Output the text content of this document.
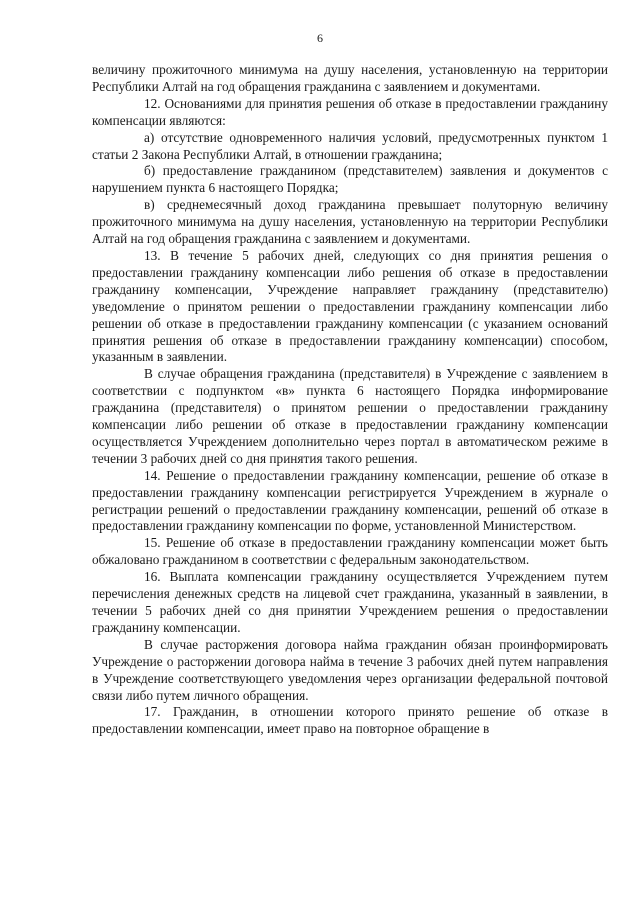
6

величину прожиточного минимума на душу населения, установленную на территории Республики Алтай на год обращения гражданина с заявлением и документами.

12. Основаниями для принятия решения об отказе в предоставлении гражданину компенсации являются:

а) отсутствие одновременного наличия условий, предусмотренных пунктом 1 статьи 2 Закона Республики Алтай, в отношении гражданина;

б) предоставление гражданином (представителем) заявления и документов с нарушением пункта 6 настоящего Порядка;

в) среднемесячный доход гражданина превышает полуторную величину прожиточного минимума на душу населения, установленную на территории Республики Алтай на год обращения гражданина с заявлением и документами.

13. В течение 5 рабочих дней, следующих со дня принятия решения о предоставлении гражданину компенсации либо решения об отказе в предоставлении гражданину компенсации, Учреждение направляет гражданину (представителю) уведомление о принятом решении о предоставлении гражданину компенсации либо решении об отказе в предоставлении гражданину компенсации (с указанием оснований принятия решения об отказе в предоставлении гражданину компенсации) способом, указанным в заявлении.

В случае обращения гражданина (представителя) в Учреждение с заявлением в соответствии с подпунктом «в» пункта 6 настоящего Порядка информирование гражданина (представителя) о принятом решении о предоставлении гражданину компенсации либо решении об отказе в предоставлении гражданину компенсации осуществляется Учреждением дополнительно через портал в автоматическом режиме в течении 3 рабочих дней со дня принятия такого решения.

14. Решение о предоставлении гражданину компенсации, решение об отказе в предоставлении гражданину компенсации регистрируется Учреждением в журнале о регистрации решений о предоставлении гражданину компенсации, решений об отказе в предоставлении гражданину компенсации по форме, установленной Министерством.

15. Решение об отказе в предоставлении гражданину компенсации может быть обжаловано гражданином в соответствии с федеральным законодательством.

16. Выплата компенсации гражданину осуществляется Учреждением путем перечисления денежных средств на лицевой счет гражданина, указанный в заявлении, в течении 5 рабочих дней со дня принятии Учреждением решения о предоставлении гражданину компенсации.

В случае расторжения договора найма гражданин обязан проинформировать Учреждение о расторжении договора найма в течение 3 рабочих дней путем направления в Учреждение соответствующего уведомления через организации федеральной почтовой связи либо путем личного обращения.

17. Гражданин, в отношении которого принято решение об отказе в предоставлении компенсации, имеет право на повторное обращение в
